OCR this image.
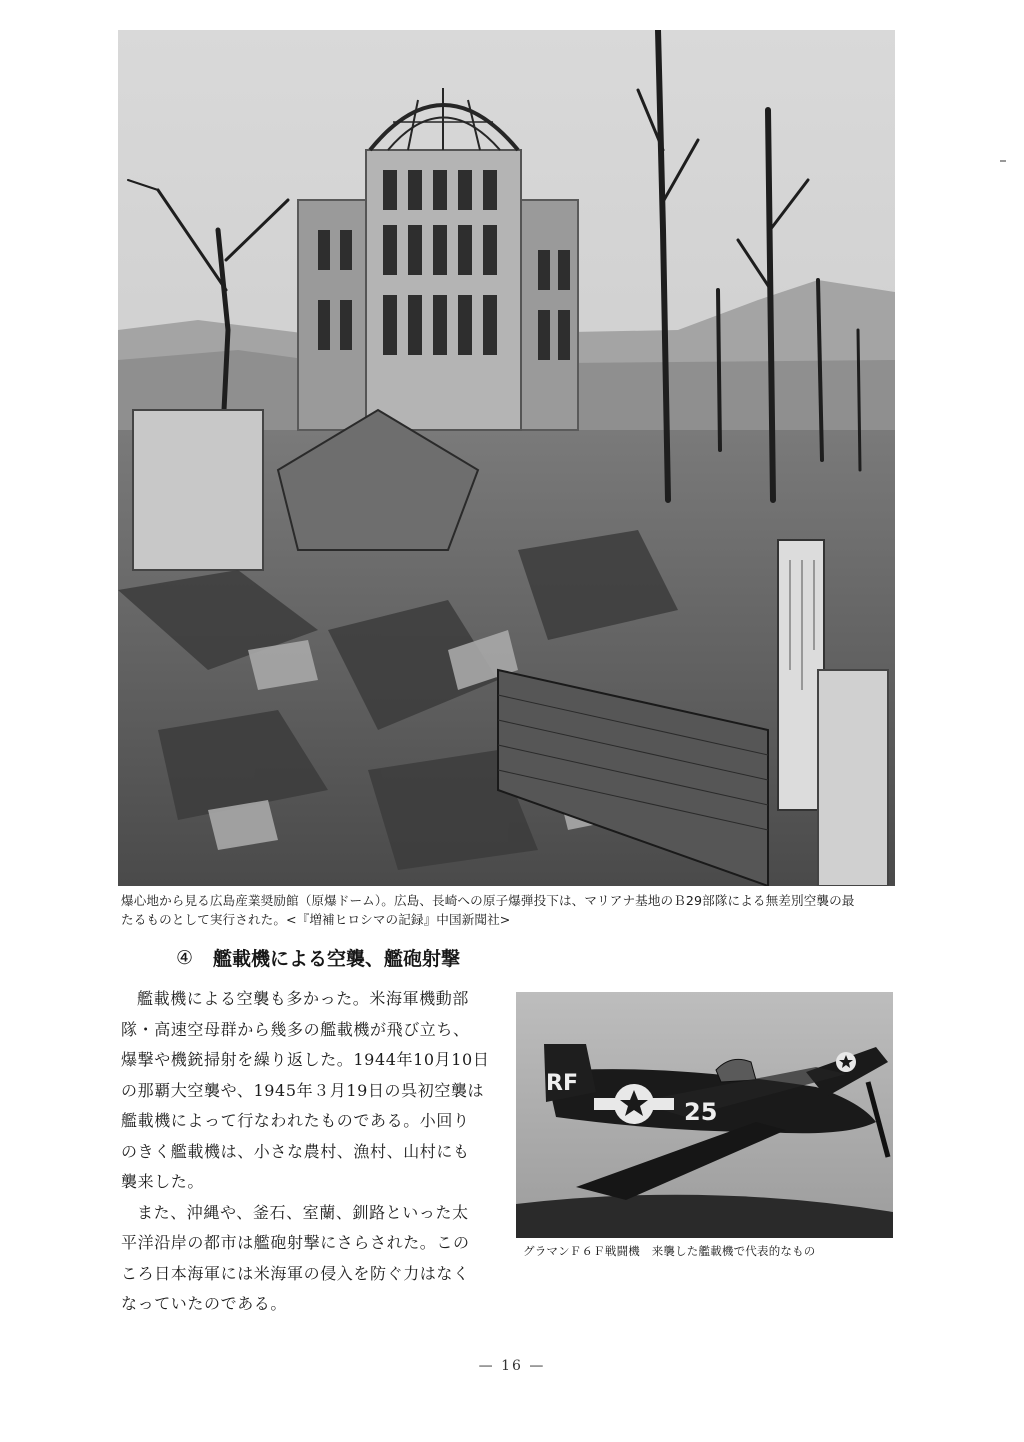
爆心地から見る広島産業奨励館（原爆ドーム）。広島、長崎への原子爆弾投下は、マリアナ基地のＢ29部隊による無差別空襲の最

たるものとして実行された。<『増補ヒロシマの記録』中国新聞社>

④ 艦載機による空襲、艦砲射撃

艦載機による空襲も多かった。米海軍機動部
隊・高速空母群から幾多の艦載機が飛び立ち、
爆撃や機銃掃射を繰り返した。1944年10月10日
の那覇大空襲や、1945年３月19日の呉初空襲は
艦載機によって行なわれたものである。小回り
のきく艦載機は、小さな農村、漁村、山村にも
襲来した。

また、沖縄や、釜石、室蘭、釧路といった太
平洋沿岸の都市は艦砲射撃にさらされた。この
ころ日本海軍には米海軍の侵入を防ぐ力はなく
なっていたのである。

RF
25
グラマンＦ６Ｆ戦闘機　来襲した艦載機で代表的なもの
— 16 —
